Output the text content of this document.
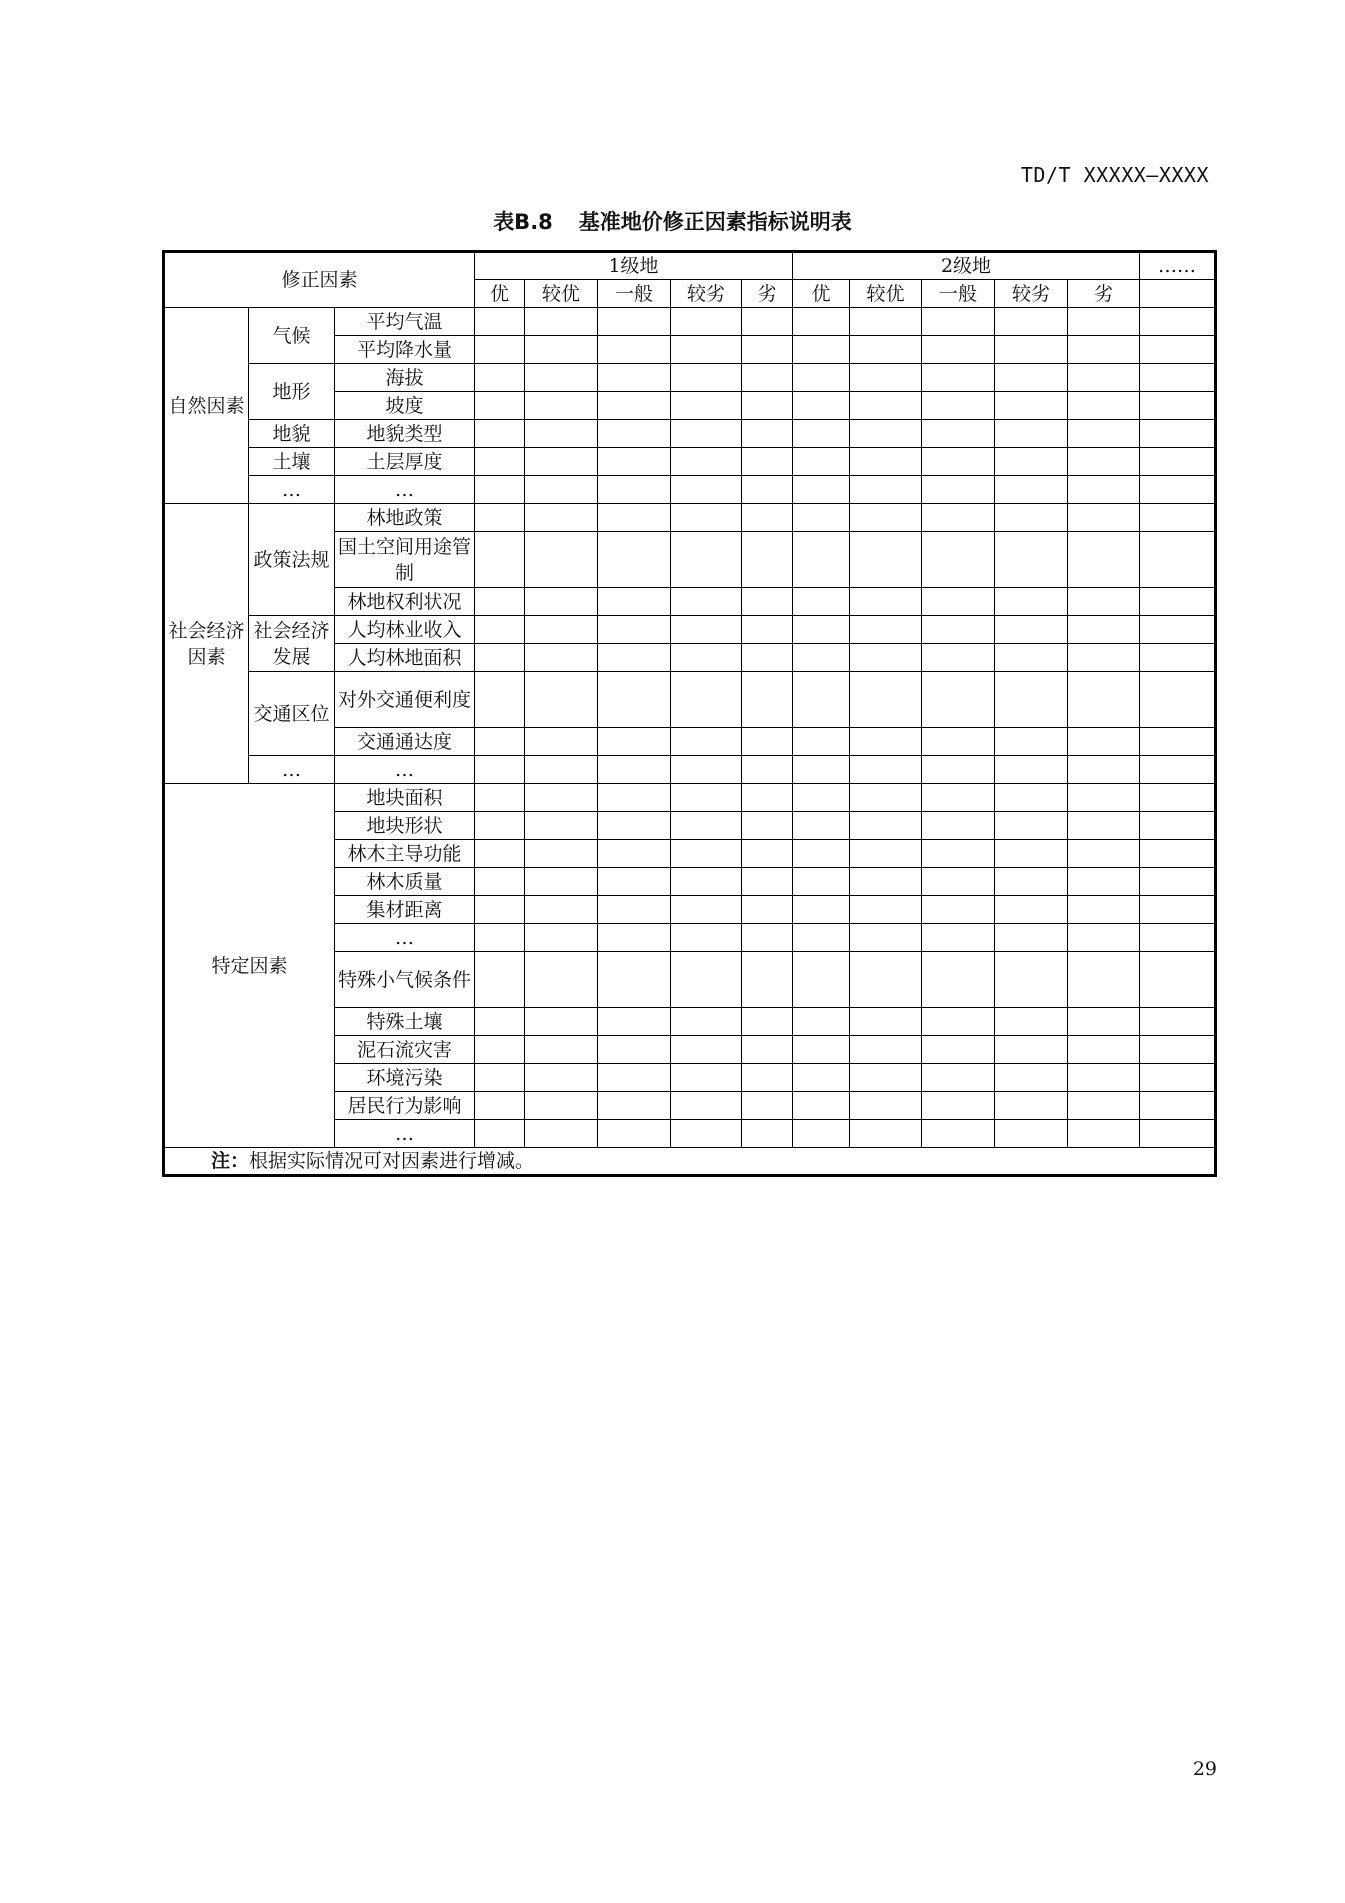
TD/T XXXXX—XXXX
表B.8 基准地价修正因素指标说明表
修正因素			1级地					2级地					……
			优	较优	一般	较劣	劣	优	较优	一般	较劣	劣	
自然因素	气候	平均气温											
		平均降水量											
	地形	海拔											
		坡度											
	地貌	地貌类型											
	土壤	土层厚度											
	…	…											
社会经济因素	政策法规	林地政策											
		国土空间用途管制											
		林地权利状况											
	社会经济发展	人均林业收入											
		人均林地面积											
	交通区位	对外交通便利度											
		交通通达度											
	…	…											
特定因素		地块面积											
		地块形状											
		林木主导功能											
		林木质量											
		集材距离											
		…											
		特殊小气候条件											
		特殊土壤											
		泥石流灾害											
		环境污染											
		居民行为影响											
		…											
注：根据实际情况可对因素进行增减。													
29
